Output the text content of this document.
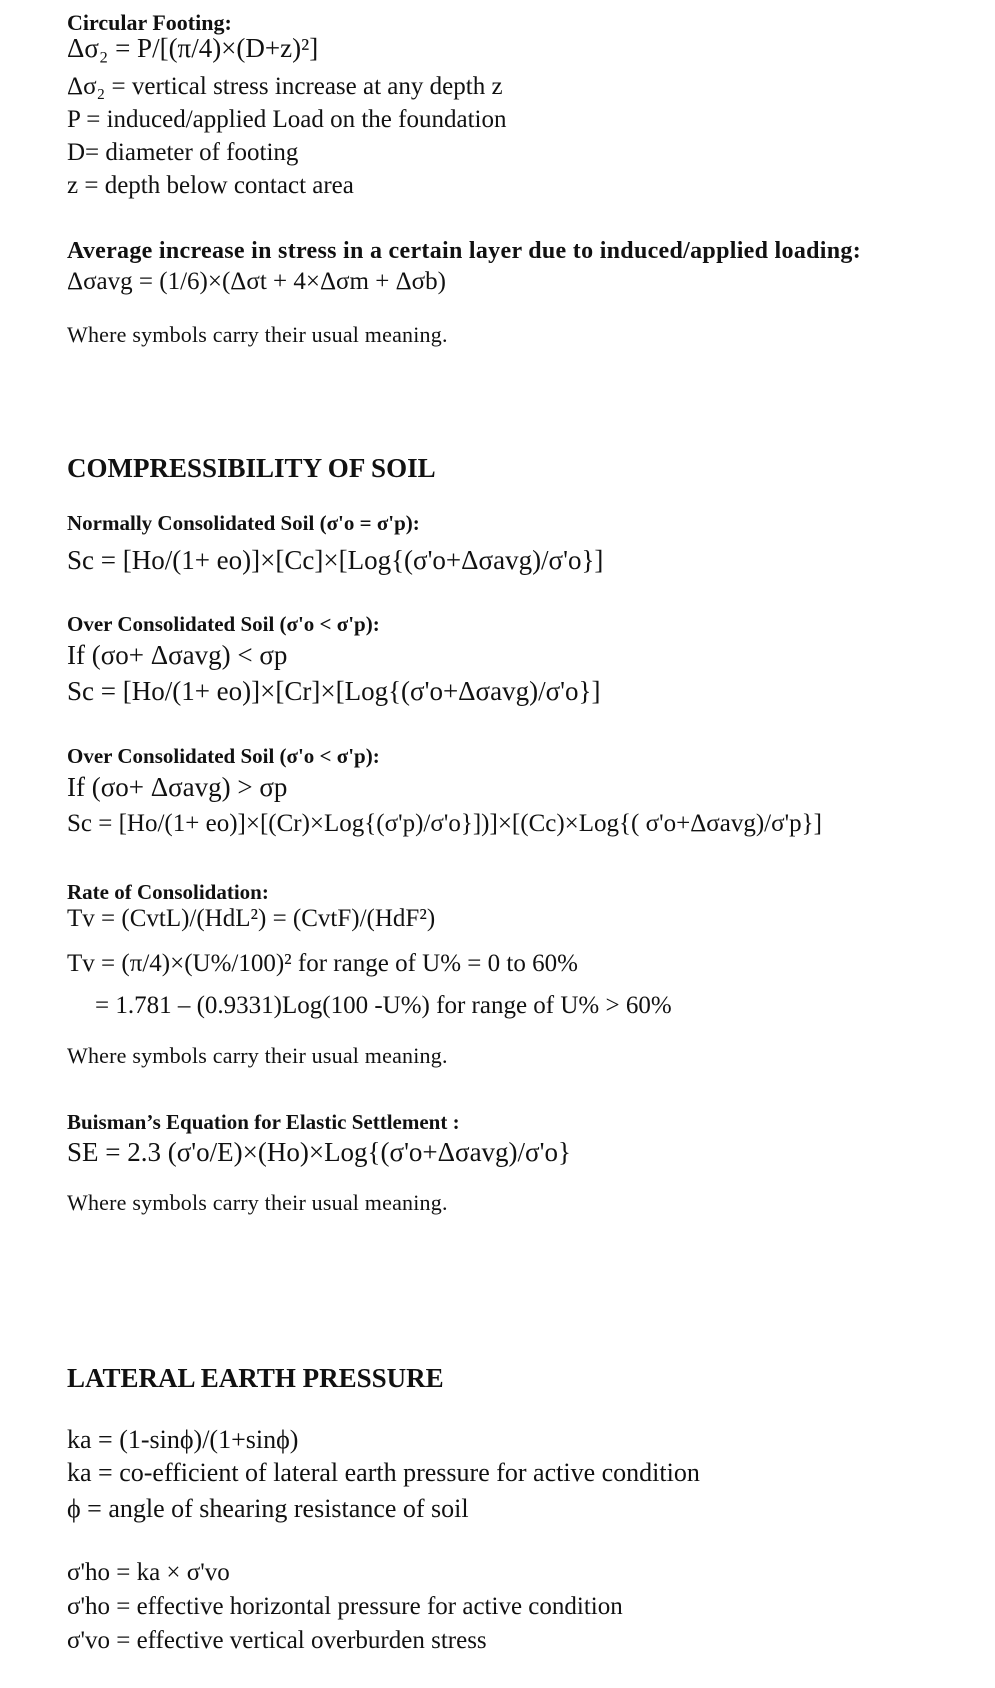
Circular Footing:
Δσ₂ = P/[(π/4)×(D+z)²]
Δσ₂ = vertical stress increase at any depth z
P = induced/applied Load on the foundation
D= diameter of footing
z = depth below contact area
Average increase in stress in a certain layer due to induced/applied loading:
Δσavg = (1/6)×(Δσt + 4×Δσm + Δσb)
Where symbols carry their usual meaning.
COMPRESSIBILITY OF SOIL
Normally Consolidated Soil (σ'o = σ'p):
Sc = [Ho/(1+ eo)]×[Cc]×[Log{(σ'o+Δσavg)/σ'o}]
Over Consolidated Soil (σ'o < σ'p):
If (σo+ Δσavg) < σp
Sc = [Ho/(1+ eo)]×[Cr]×[Log{(σ'o+Δσavg)/σ'o}]
Over Consolidated Soil (σ'o < σ'p):
If (σo+ Δσavg) > σp
Sc = [Ho/(1+ eo)]×[(Cr)×Log{(σ'p)/σ'o}])]×[(Cc)×Log{( σ'o+Δσavg)/σ'p}]
Rate of Consolidation:
Tv = (CvtL)/(HdL²) = (CvtF)/(HdF²)
Tv = (π/4)×(U%/100)² for range of U% = 0 to 60%
= 1.781 – (0.9331)Log(100 -U%) for range of U% > 60%
Where symbols carry their usual meaning.
Buisman’s Equation for Elastic Settlement :
SE = 2.3 (σ'o/E)×(Ho)×Log{(σ'o+Δσavg)/σ'o}
Where symbols carry their usual meaning.
LATERAL EARTH PRESSURE
ka = (1-sinϕ)/(1+sinϕ)
ka = co-efficient of lateral earth pressure for active condition
ϕ = angle of shearing resistance of soil
σ'ho = ka × σ'vo
σ'ho = effective horizontal pressure for active condition
σ'vo = effective vertical overburden stress
